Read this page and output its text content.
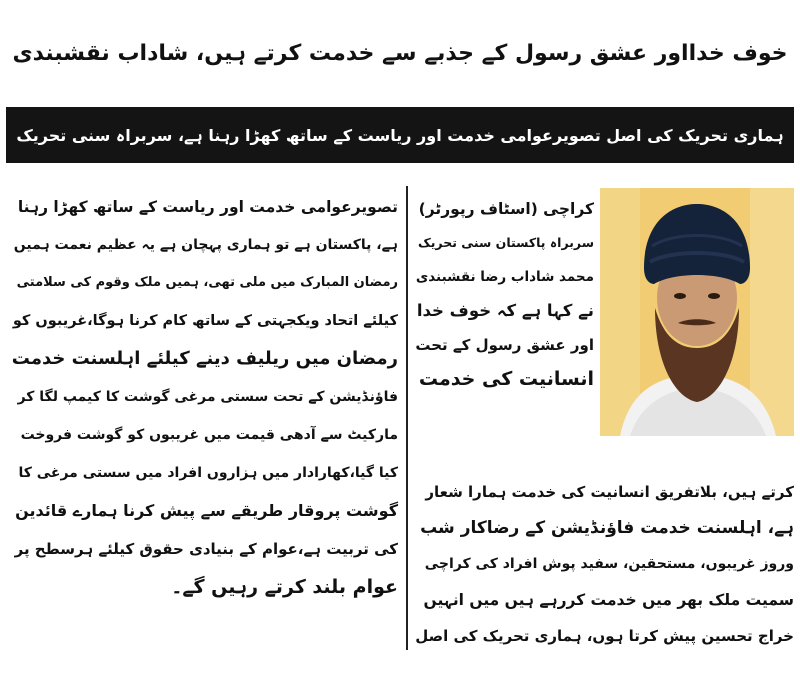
خوف خدااور عشق رسول کے جذبے سے خدمت کرتے ہیں، شاداب نقشبندی
ہماری تحریک کی اصل تصویرعوامی خدمت اور ریاست کے ساتھ کھڑا رہنا ہے، سربراہ سنی تحریک
کراچی (اسٹاف رپورٹر)
سربراہ پاکستان سنی تحریک
محمد شاداب رضا نقشبندی
نے کہا ہے کہ خوف خدا
اور عشق رسول کے تحت
انسانیت کی خدمت
کرتے ہیں، بلاتفریق انسانیت کی خدمت ہمارا شعار
ہے، اہلسنت خدمت فاؤنڈیشن کے رضاکار شب
وروز غریبوں، مستحقین، سفید پوش افراد کی کراچی
سمیت ملک بھر میں خدمت کررہے ہیں میں انہیں
خراج تحسین پیش کرتا ہوں، ہماری تحریک کی اصل
تصویرعوامی خدمت اور ریاست کے ساتھ کھڑا رہنا
ہے، پاکستان ہے تو ہماری پہچان ہے یہ عظیم نعمت ہمیں
رمضان المبارک میں ملی تھی، ہمیں ملک وقوم کی سلامتی
کیلئے اتحاد ویکجہتی کے ساتھ کام کرنا ہوگا،غریبوں کو
رمضان میں ریلیف دینے کیلئے اہلسنت خدمت
فاؤنڈیشن کے تحت سستی مرغی گوشت کا کیمپ لگا کر
مارکیٹ سے آدھی قیمت میں غریبوں کو گوشت فروخت
کیا گیا،کھارادار میں ہزاروں افراد میں سستی مرغی کا
گوشت پروقار طریقے سے پیش کرنا ہمارے قائدین
کی تربیت ہے،عوام کے بنیادی حقوق کیلئے ہرسطح پر
عوام بلند کرتے رہیں گے۔
